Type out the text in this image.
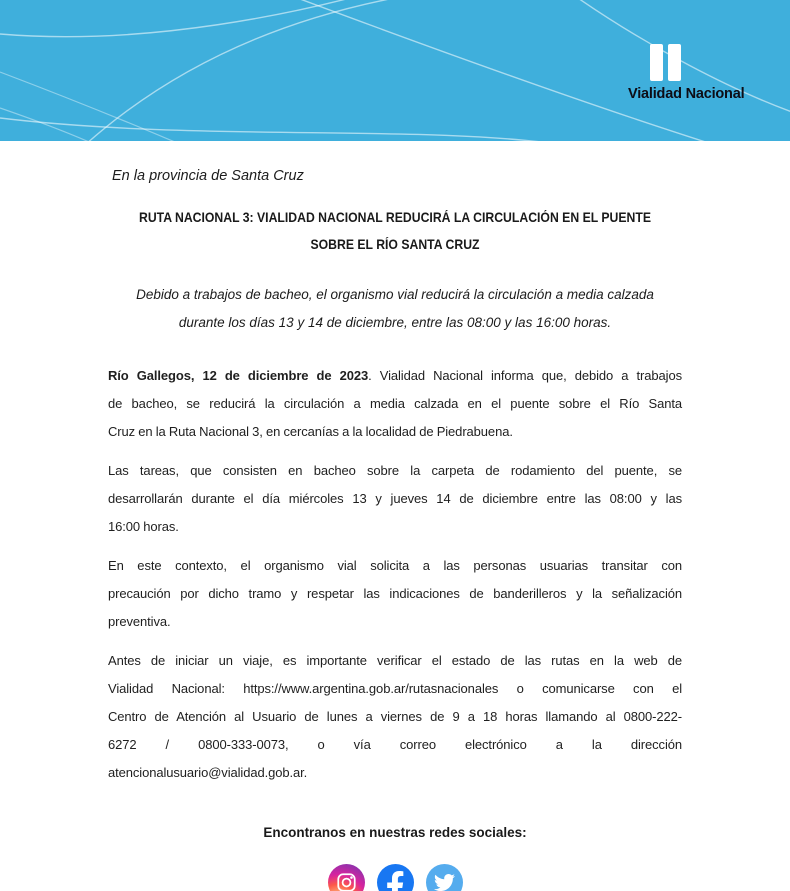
Vialidad Nacional

En la provincia de Santa Cruz

RUTA NACIONAL 3: VIALIDAD NACIONAL REDUCIRÁ LA CIRCULACIÓN EN EL PUENTE
SOBRE EL RÍO SANTA CRUZ
Debido a trabajos de bacheo, el organismo vial reducirá la circulación a media calzada
durante los días 13 y 14 de diciembre, entre las 08:00 y las 16:00 horas.

Río Gallegos, 12 de diciembre de 2023. Vialidad Nacional informa que, debido a trabajos
de bacheo, se reducirá la circulación a media calzada en el puente sobre el Río Santa
Cruz en la Ruta Nacional 3, en cercanías a la localidad de Piedrabuena.

Las tareas, que consisten en bacheo sobre la carpeta de rodamiento del puente, se
desarrollarán durante el día miércoles 13 y jueves 14 de diciembre entre las 08:00 y las
16:00 horas.

En este contexto, el organismo vial solicita a las personas usuarias transitar con
precaución por dicho tramo y respetar las indicaciones de banderilleros y la señalización
preventiva.

Antes de iniciar un viaje, es importante verificar el estado de las rutas en la web de
Vialidad Nacional: https://www.argentina.gob.ar/rutasnacionales o comunicarse con el
Centro de Atención al Usuario de lunes a viernes de 9 a 18 horas llamando al 0800-222-
6272 / 0800-333-0073, o vía correo electrónico a la dirección
atencionalusuario@vialidad.gob.ar.

Encontranos en nuestras redes sociales:
